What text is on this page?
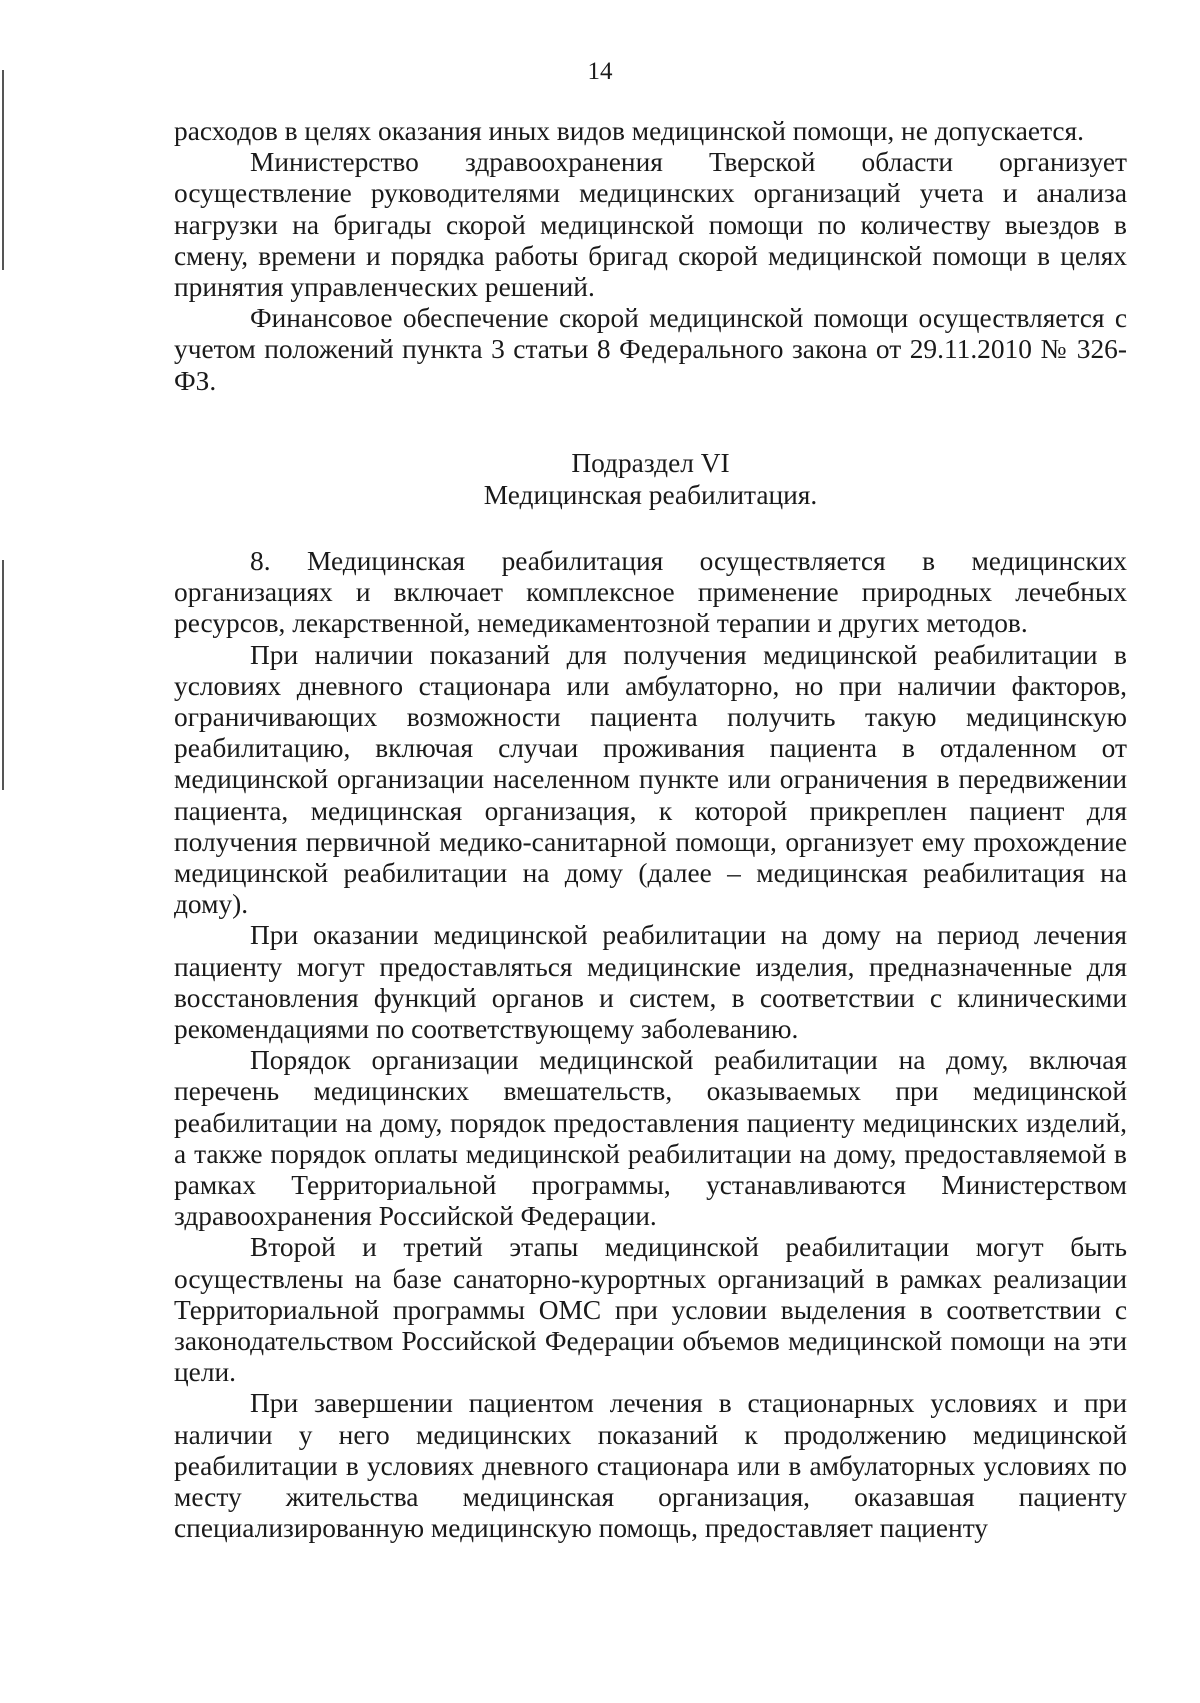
14

расходов в целях оказания иных видов медицинской помощи, не допускается.

Министерство здравоохранения Тверской области организует осуществление руководителями медицинских организаций учета и анализа нагрузки на бригады скорой медицинской помощи по количеству выездов в смену, времени и порядка работы бригад скорой медицинской помощи в целях принятия управленческих решений.

Финансовое обеспечение скорой медицинской помощи осуществляется с учетом положений пункта 3 статьи 8 Федерального закона от 29.11.2010 № 326-ФЗ.

Подраздел VI
Медицинская реабилитация.

8. Медицинская реабилитация осуществляется в медицинских организациях и включает комплексное применение природных лечебных ресурсов, лекарственной, немедикаментозной терапии и других методов.

При наличии показаний для получения медицинской реабилитации в условиях дневного стационара или амбулаторно, но при наличии факторов, ограничивающих возможности пациента получить такую медицинскую реабилитацию, включая случаи проживания пациента в отдаленном от медицинской организации населенном пункте или ограничения в передвижении пациента, медицинская организация, к которой прикреплен пациент для получения первичной медико-санитарной помощи, организует ему прохождение медицинской реабилитации на дому (далее – медицинская реабилитация на дому).

При оказании медицинской реабилитации на дому на период лечения пациенту могут предоставляться медицинские изделия, предназначенные для восстановления функций органов и систем, в соответствии с клиническими рекомендациями по соответствующему заболеванию.

Порядок организации медицинской реабилитации на дому, включая перечень медицинских вмешательств, оказываемых при медицинской реабилитации на дому, порядок предоставления пациенту медицинских изделий, а также порядок оплаты медицинской реабилитации на дому, предоставляемой в рамках Территориальной программы, устанавливаются Министерством здравоохранения Российской Федерации.

Второй и третий этапы медицинской реабилитации могут быть осуществлены на базе санаторно-курортных организаций в рамках реализации Территориальной программы ОМС при условии выделения в соответствии с законодательством Российской Федерации объемов медицинской помощи на эти цели.

При завершении пациентом лечения в стационарных условиях и при наличии у него медицинских показаний к продолжению медицинской реабилитации в условиях дневного стационара или в амбулаторных условиях по месту жительства медицинская организация, оказавшая пациенту специализированную медицинскую помощь, предоставляет пациенту
